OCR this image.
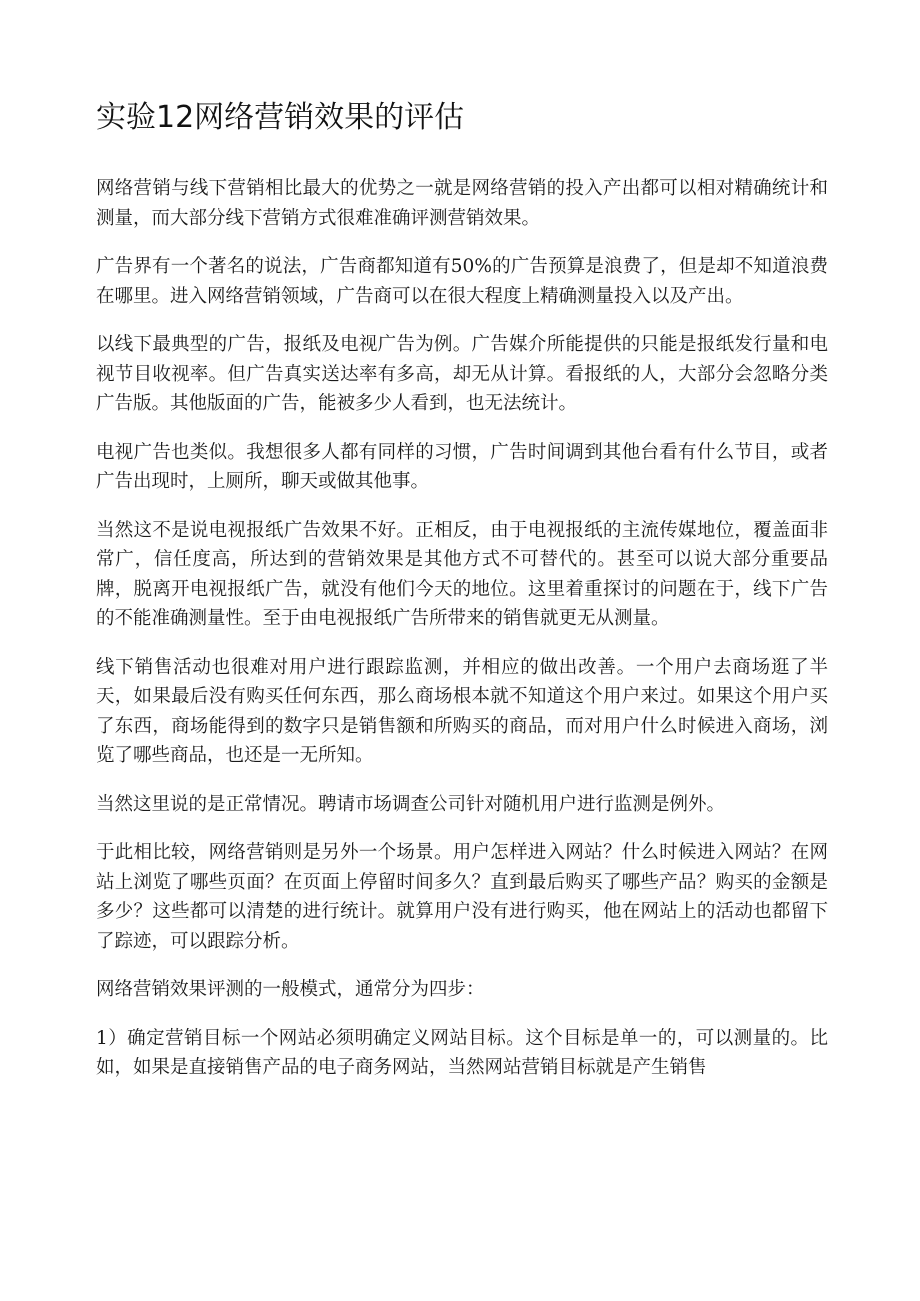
实验12网络营销效果的评估

网络营销与线下营销相比最大的优势之一就是网络营销的投入产出都可以相对精确统计和测量，而大部分线下营销方式很难准确评测营销效果。

广告界有一个著名的说法，广告商都知道有50%的广告预算是浪费了，但是却不知道浪费在哪里。进入网络营销领域，广告商可以在很大程度上精确测量投入以及产出。

以线下最典型的广告，报纸及电视广告为例。广告媒介所能提供的只能是报纸发行量和电视节目收视率。但广告真实送达率有多高，却无从计算。看报纸的人，大部分会忽略分类广告版。其他版面的广告，能被多少人看到，也无法统计。

电视广告也类似。我想很多人都有同样的习惯，广告时间调到其他台看有什么节目，或者广告出现时，上厕所，聊天或做其他事。

当然这不是说电视报纸广告效果不好。正相反，由于电视报纸的主流传媒地位，覆盖面非常广，信任度高，所达到的营销效果是其他方式不可替代的。甚至可以说大部分重要品牌，脱离开电视报纸广告，就没有他们今天的地位。这里着重探讨的问题在于，线下广告的不能准确测量性。至于由电视报纸广告所带来的销售就更无从测量。

线下销售活动也很难对用户进行跟踪监测，并相应的做出改善。一个用户去商场逛了半天，如果最后没有购买任何东西，那么商场根本就不知道这个用户来过。如果这个用户买了东西，商场能得到的数字只是销售额和所购买的商品，而对用户什么时候进入商场，浏览了哪些商品，也还是一无所知。

当然这里说的是正常情况。聘请市场调查公司针对随机用户进行监测是例外。

于此相比较，网络营销则是另外一个场景。用户怎样进入网站？什么时候进入网站？在网站上浏览了哪些页面？在页面上停留时间多久？直到最后购买了哪些产品？购买的金额是多少？这些都可以清楚的进行统计。就算用户没有进行购买，他在网站上的活动也都留下了踪迹，可以跟踪分析。

网络营销效果评测的一般模式，通常分为四步：

1）确定营销目标一个网站必须明确定义网站目标。这个目标是单一的，可以测量的。比如，如果是直接销售产品的电子商务网站，当然网站营销目标就是产生销售
